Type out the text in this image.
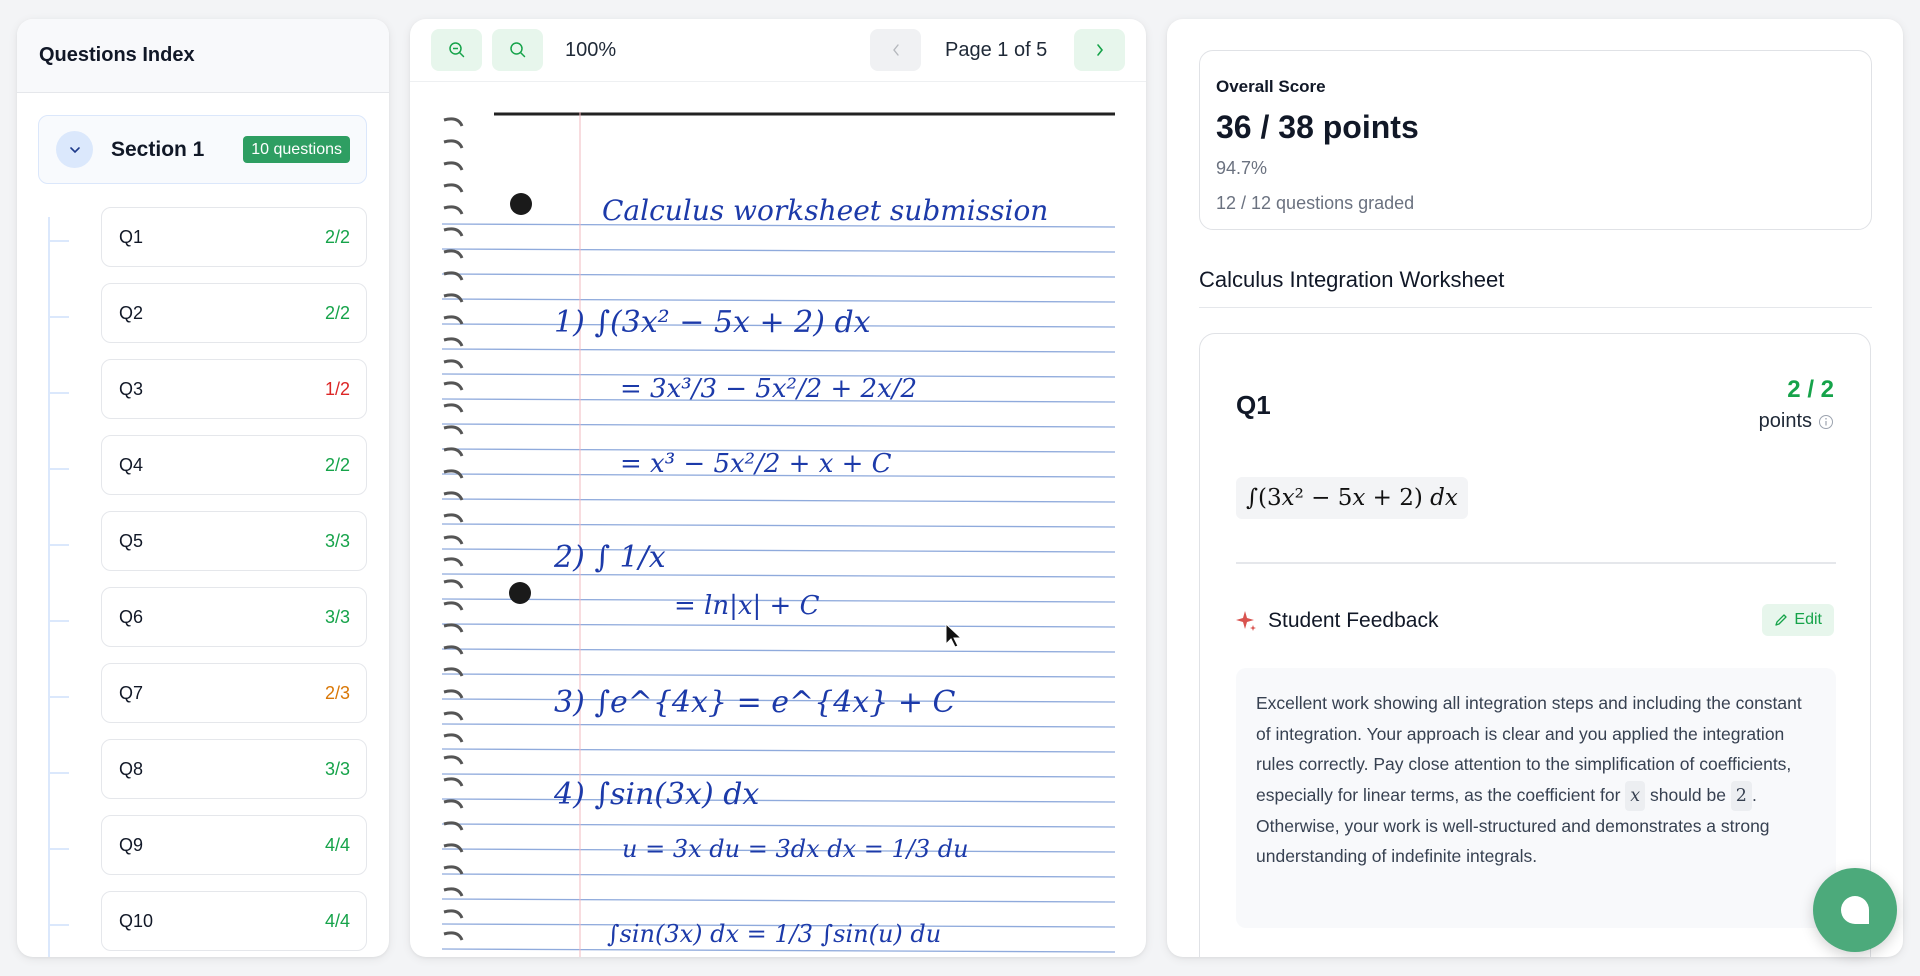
Questions Index
Section 1	10 questions
Q1	2/2
Q2	2/2
Q3	1/2
Q4	2/2
Q5	3/3
Q6	3/3
Q7	2/3
Q8	3/3
Q9	4/4
Q10	4/4
100%	Page 1 of 5
Calculus worksheet submission
1) ∫(3x² − 5x + 2) dx
= 3x³/3 − 5x²/2 + 2x/2
= x³ − 5x²/2 + x + C
2) ∫ 1/x
= ln|x| + C
3) ∫e^{4x} = e^{4x} + C
4) ∫sin(3x) dx
u = 3x du = 3dx dx = 1/3 du
∫sin(3x) dx = 1/3 ∫sin(u) du
Overall Score
36 / 38 points
94.7%
12 / 12 questions graded
Calculus Integration Worksheet
Q1
2 / 2
points
∫(3 x ² − 5 x + 2) dx
Student Feedback	Edit
Excellent work showing all integration steps and including the constant of integration. Your approach is clear and you applied the integration rules correctly. Pay close attention to the simplification of coefficients, especially for linear terms, as the coefficient for x should be 2 . Otherwise, your work is well-structured and demonstrates a strong understanding of indefinite integrals.
